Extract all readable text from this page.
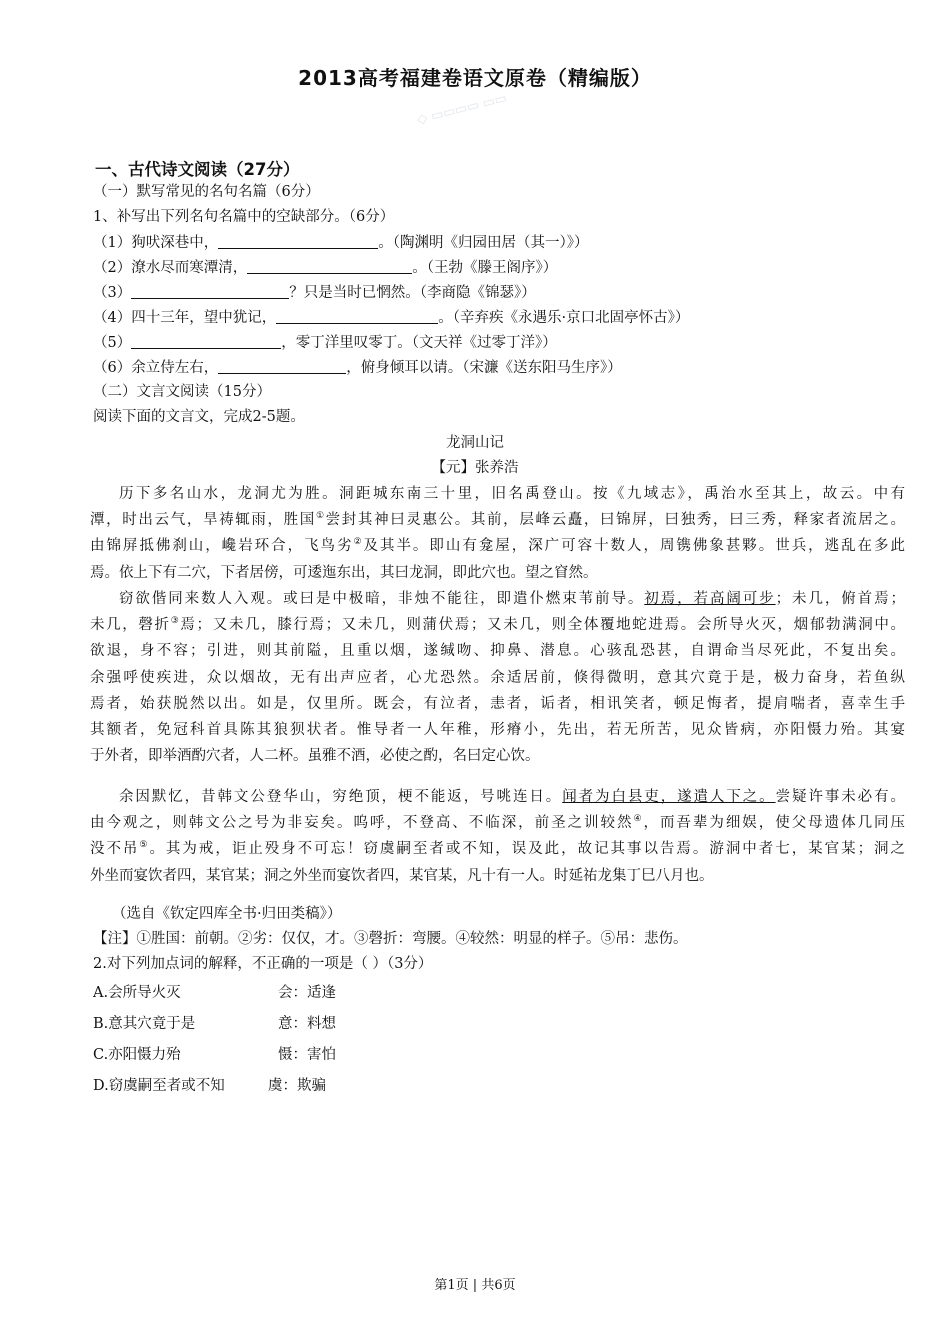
◇ ▭▭▭▭ ▭▭
2013高考福建卷语文原卷（精编版）
一、古代诗文阅读（27分）
（一）默写常见的名句名篇（6分）
1、补写出下列名句名篇中的空缺部分。（6分）
（1）狗吠深巷中，	。（陶渊明《归园田居（其一）》）
（2）潦水尽而寒潭清，	。（王勃《滕王阁序》）
（3）	？只是当时已惘然。（李商隐《锦瑟》）
（4）四十三年，望中犹记，	。（辛弃疾《永遇乐·京口北固亭怀古》）
（5）	，零丁洋里叹零丁。（文天祥《过零丁洋》）
（6）余立侍左右，	，俯身倾耳以请。（宋濂《送东阳马生序》）
（二）文言文阅读（15分）
阅读下面的文言文，完成2-5题。
龙洞山记
【元】张养浩
历下多名山水，龙洞尤为胜。洞距城东南三十里，旧名禹登山。按《九域志》，禹治水至其上，故云。中有
潭，时出云气，旱祷辄雨，胜国①尝封其神曰灵惠公。其前，层峰云矗，曰锦屏，曰独秀，曰三秀，释家者流居之。
由锦屏抵佛刹山，巉岩环合，飞鸟劣②及其半。即山有龛屋，深广可容十数人，周镌佛象甚夥。世兵，逃乱在多此
焉。依上下有二穴，下者居傍，可逶迤东出，其曰龙洞，即此穴也。望之窅然。
窃欲偕同来数人入观。或曰是中极暗，非烛不能往，即遣仆燃束苇前导。初焉，若高阔可步；未几，俯首焉；
未几，磬折③焉；又未几，膝行焉；又未几，则蒲伏焉；又未几，则全体覆地蛇进焉。会所导火灭，烟郁勃满洞中。
欲退，身不容；引进，则其前隘，且重以烟，遂缄吻、抑鼻、潜息。心骇乱恐甚，自谓命当尽死此，不复出矣。
余强呼使疾进，众以烟故，无有出声应者，心尤恐然。余适居前，倏得微明，意其穴竟于是，极力奋身，若鱼纵
焉者，始获脱然以出。如是，仅里所。既会，有泣者，恚者，诟者，相讯笑者，顿足悔者，提肩喘者，喜幸生手
其额者，免冠科首具陈其狼狈状者。惟导者一人年稚，形瘠小，先出，若无所苦，见众皆病，亦阳慑力殆。其宴
于外者，即举酒酌穴者，人二杯。虽雅不酒，必使之酌，名曰定心饮。
余因默忆，昔韩文公登华山，穷绝顶，梗不能返，号咷连日。闻者为白县吏，遂遣人下之。尝疑许事未必有。
由今观之，则韩文公之号为非妄矣。呜呼，不登高、不临深，前圣之训较然④，而吾辈为细娱，使父母遗体几同压
没不吊⑤。其为戒，讵止殁身不可忘！窃虞嗣至者或不知，误及此，故记其事以告焉。游洞中者七，某官某；洞之
外坐而宴饮者四，某官某；洞之外坐而宴饮者四，某官某，凡十有一人。时延祐龙集丁巳八月也。
（选自《钦定四库全书·归田类稿》）
【注】①胜国：前朝。②劣：仅仅，才。③磬折：弯腰。④较然：明显的样子。⑤吊：悲伤。
2.对下列加点词的解释，不正确的一项是（ ）（3分）
A.会所导火灭	会：适逢
B.意其穴竟于是	意：料想
C.亦阳慑力殆	慑：害怕
D.窃虞嗣至者或不知	虞：欺骗
第1页 | 共6页
